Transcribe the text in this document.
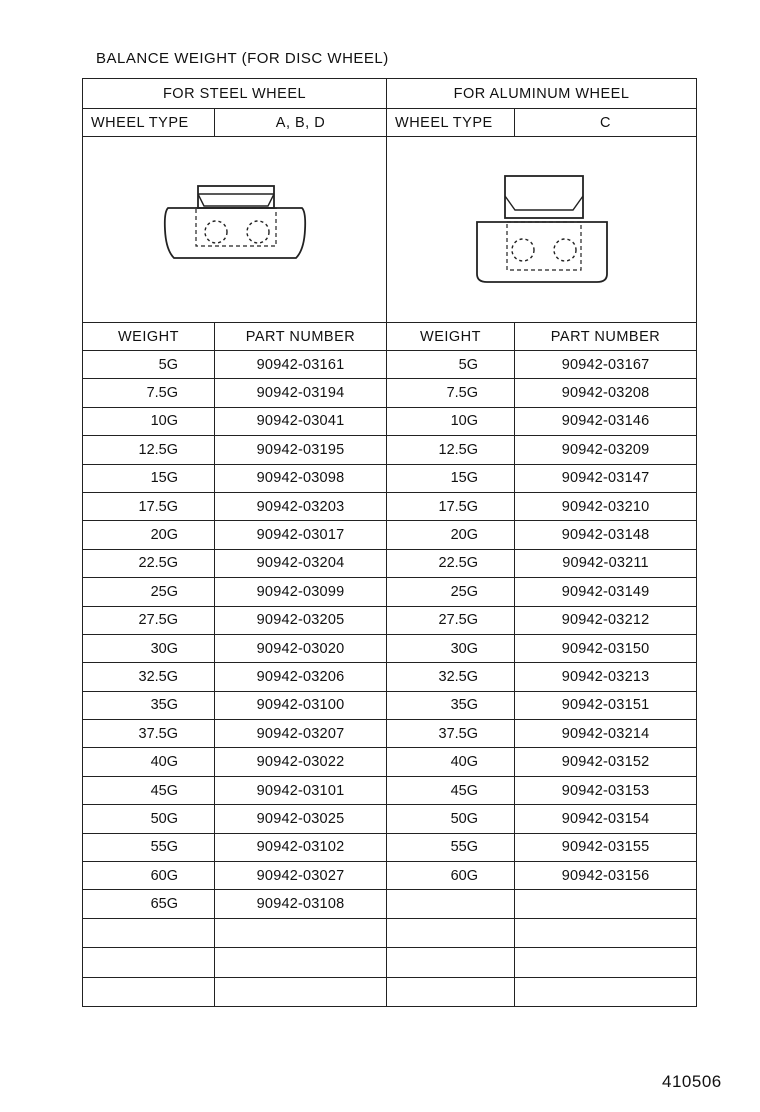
BALANCE WEIGHT (FOR DISC WHEEL)
FOR STEEL WHEEL		FOR ALUMINUM WHEEL	
WHEEL TYPE	A, B, D	WHEEL TYPE	C

WEIGHT	PART NUMBER	WEIGHT	PART NUMBER
5G	90942-03161	5G	90942-03167
7.5G	90942-03194	7.5G	90942-03208
10G	90942-03041	10G	90942-03146
12.5G	90942-03195	12.5G	90942-03209
15G	90942-03098	15G	90942-03147
17.5G	90942-03203	17.5G	90942-03210
20G	90942-03017	20G	90942-03148
22.5G	90942-03204	22.5G	90942-03211
25G	90942-03099	25G	90942-03149
27.5G	90942-03205	27.5G	90942-03212
30G	90942-03020	30G	90942-03150
32.5G	90942-03206	32.5G	90942-03213
35G	90942-03100	35G	90942-03151
37.5G	90942-03207	37.5G	90942-03214
40G	90942-03022	40G	90942-03152
45G	90942-03101	45G	90942-03153
50G	90942-03025	50G	90942-03154
55G	90942-03102	55G	90942-03155
60G	90942-03027	60G	90942-03156
65G	90942-03108		

410506
